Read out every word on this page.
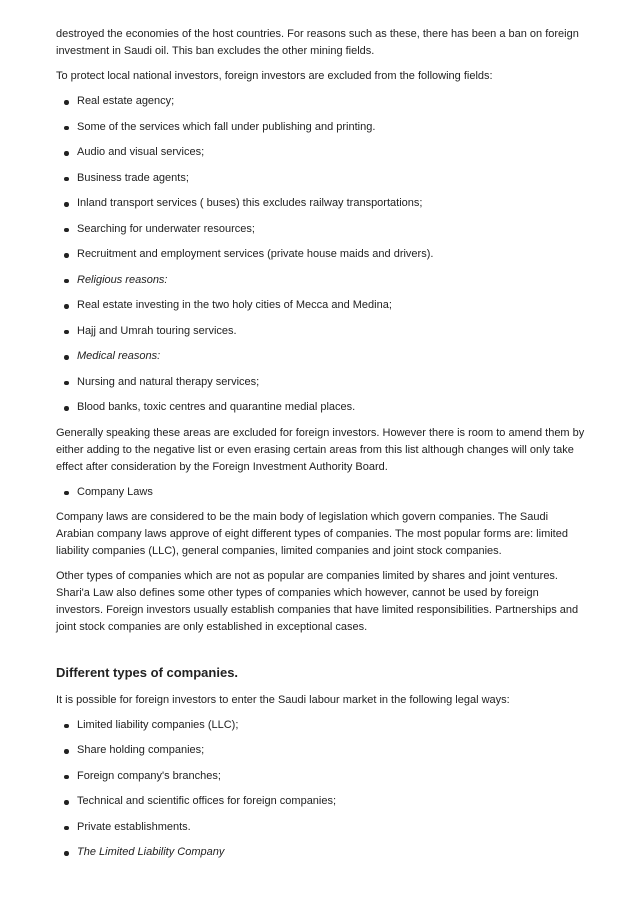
destroyed the economies of the host countries. For reasons such as these, there has been a ban on foreign investment in Saudi oil. This ban excludes the other mining fields.

To protect local national investors, foreign investors are excluded from the following fields:

Real estate agency;
Some of the services which fall under publishing and printing.
Audio and visual services;
Business trade agents;
Inland transport services ( buses) this excludes railway transportations;
Searching for underwater resources;
Recruitment and employment services (private house maids and drivers).
Religious reasons:
Real estate investing in the two holy cities of Mecca and Medina;
Hajj and Umrah touring services.
Medical reasons:
Nursing and natural therapy services;
Blood banks, toxic centres and quarantine medial places.

Generally speaking these areas are excluded for foreign investors. However there is room to amend them by either adding to the negative list or even erasing certain areas from this list although changes will only take effect after consideration by the Foreign Investment Authority Board.

Company Laws

Company laws are considered to be the main body of legislation which govern companies. The Saudi Arabian company laws approve of eight different types of companies. The most popular forms are: limited liability companies (LLC), general companies, limited companies and joint stock companies.

Other types of companies which are not as popular are companies limited by shares and joint ventures. Shari'a Law also defines some other types of companies which however, cannot be used by foreign investors. Foreign investors usually establish companies that have limited responsibilities. Partnerships and joint stock companies are only established in exceptional cases.

Different types of companies.

It is possible for foreign investors to enter the Saudi labour market in the following legal ways:

Limited liability companies (LLC);
Share holding companies;
Foreign company's branches;
Technical and scientific offices for foreign companies;
Private establishments.
The Limited Liability Company
